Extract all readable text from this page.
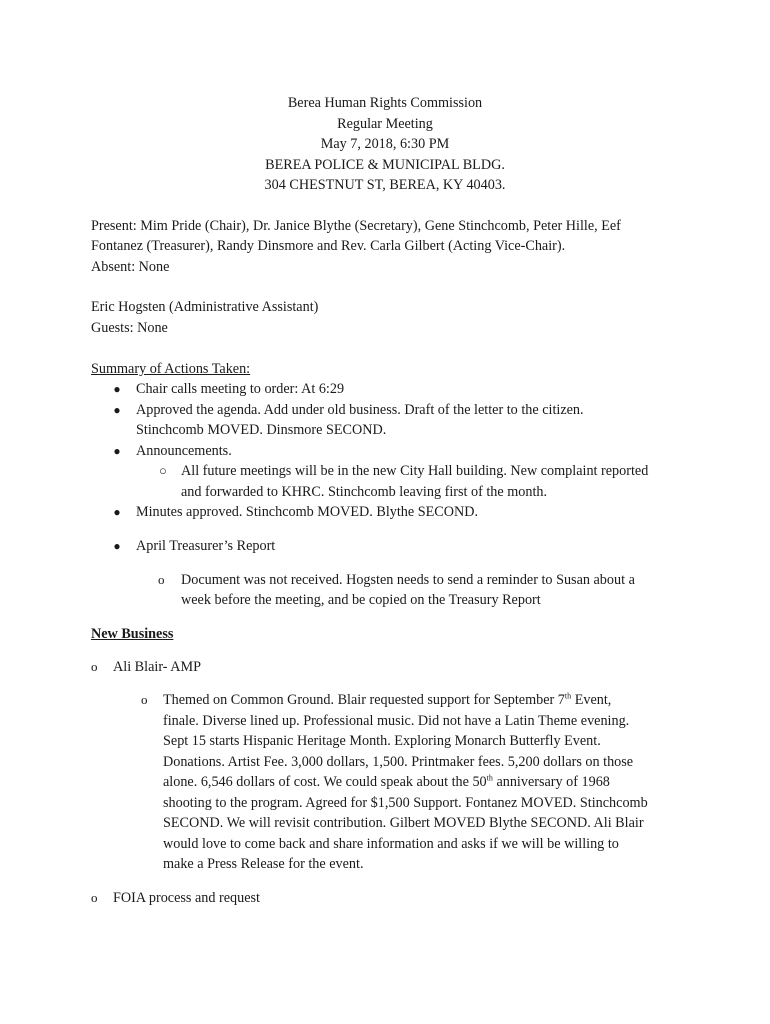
Berea Human Rights Commission
Regular Meeting
May 7, 2018, 6:30 PM
BEREA POLICE & MUNICIPAL BLDG.
304 CHESTNUT ST, BEREA, KY 40403.
Present: Mim Pride (Chair), Dr. Janice Blythe (Secretary), Gene Stinchcomb, Peter Hille, Eef
Fontanez (Treasurer), Randy Dinsmore and Rev. Carla Gilbert (Acting Vice-Chair).
Absent: None
Eric Hogsten (Administrative Assistant)
Guests: None
Summary of Actions Taken:
● Chair calls meeting to order: At 6:29
● Approved the agenda. Add under old business. Draft of the letter to the citizen.
Stinchcomb MOVED. Dinsmore SECOND.
● Announcements.
○ All future meetings will be in the new City Hall building. New complaint reported
and forwarded to KHRC. Stinchcomb leaving first of the month.
● Minutes approved. Stinchcomb MOVED. Blythe SECOND.
● April Treasurer’s Report
o Document was not received. Hogsten needs to send a reminder to Susan about a
week before the meeting, and be copied on the Treasury Report
New Business
o Ali Blair- AMP
o Themed on Common Ground. Blair requested support for September 7th Event,
finale. Diverse lined up. Professional music. Did not have a Latin Theme evening.
Sept 15 starts Hispanic Heritage Month. Exploring Monarch Butterfly Event.
Donations. Artist Fee. 3,000 dollars, 1,500. Printmaker fees. 5,200 dollars on those
alone. 6,546 dollars of cost. We could speak about the 50th anniversary of 1968
shooting to the program. Agreed for $1,500 Support. Fontanez MOVED. Stinchcomb
SECOND. We will revisit contribution. Gilbert MOVED Blythe SECOND. Ali Blair
would love to come back and share information and asks if we will be willing to
make a Press Release for the event.
o FOIA process and request
